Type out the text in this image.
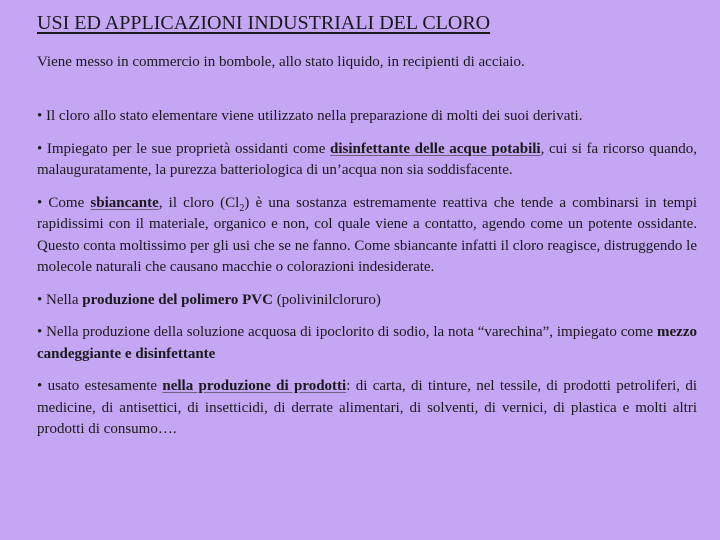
USI ED APPLICAZIONI INDUSTRIALI DEL CLORO

Viene messo in commercio in bombole, allo stato liquido, in recipienti di acciaio.

• Il cloro allo stato elementare viene utilizzato nella preparazione di molti dei suoi derivati.

• Impiegato per le sue proprietà ossidanti come disinfettante delle acque potabili, cui si fa ricorso quando, malauguratamente, la purezza batteriologica di un’acqua non sia soddisfacente.

• Come sbiancante, il cloro $(Cl_2)$ è una sostanza estremamente reattiva che tende a combinarsi in tempi rapidissimi con il materiale, organico e non, col quale viene a contatto, agendo come un potente ossidante. Questo conta moltissimo per gli usi che se ne fanno. Come sbiancante infatti il cloro reagisce, distruggendo le molecole naturali che causano macchie o colorazioni indesiderate.

• Nella produzione del polimero PVC (polivinilcloruro)

• Nella produzione della soluzione acquosa di ipoclorito di sodio, la nota “varechina”, impiegato come mezzo candeggiante e disinfettante

• usato estesamente nella produzione di prodotti: di carta, di tinture, nel tessile, di prodotti petroliferi, di medicine, di antisettici, di insetticidi, di derrate alimentari, di solventi, di vernici, di plastica e molti altri prodotti di consumo….
